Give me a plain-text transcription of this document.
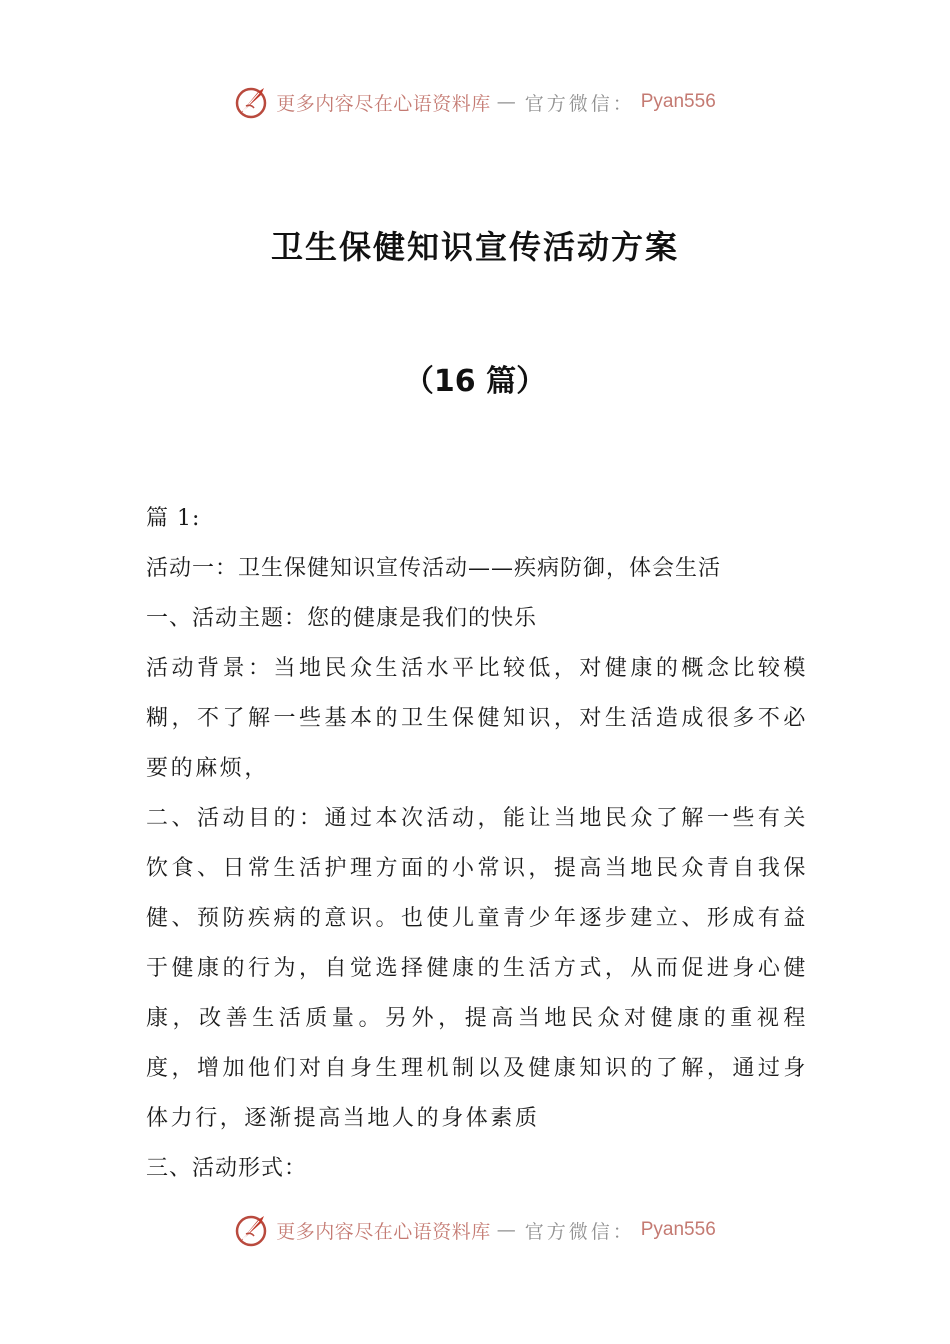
更多内容尽在心语资料库 — 官方微信： Pyan556
卫生保健知识宣传活动方案
（16 篇）

篇 1:

活动一：卫生保健知识宣传活动——疾病防御，体会生活

一、活动主题：您的健康是我们的快乐

活动背景：当地民众生活水平比较低，对健康的概念比较模糊，不了解一些基本的卫生保健知识，对生活造成很多不必要的麻烦，

二、活动目的：通过本次活动，能让当地民众了解一些有关饮食、日常生活护理方面的小常识，提高当地民众青自我保健、预防疾病的意识。也使儿童青少年逐步建立、形成有益于健康的行为，自觉选择健康的生活方式，从而促进身心健康，改善生活质量。另外，提高当地民众对健康的重视程度，增加他们对自身生理机制以及健康知识的了解，通过身体力行，逐渐提高当地人的身体素质

三、活动形式：

更多内容尽在心语资料库 — 官方微信： Pyan556
